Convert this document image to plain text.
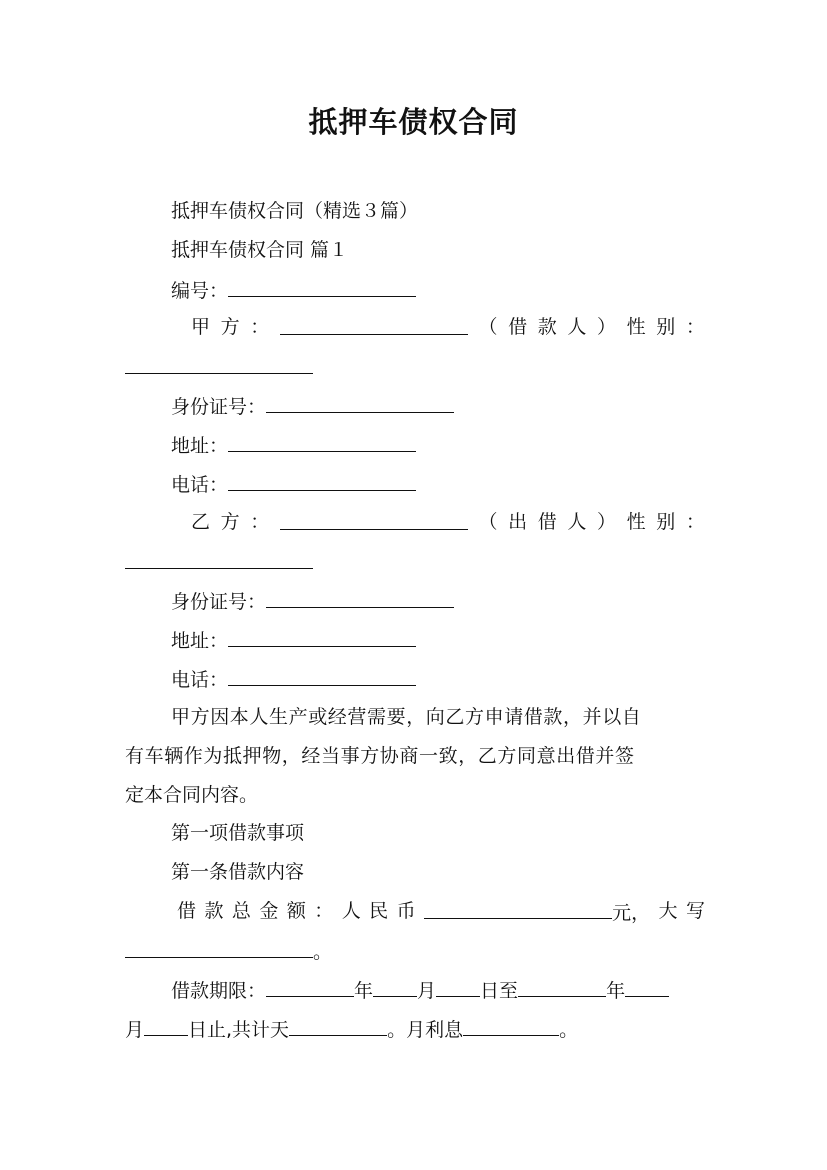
抵押车债权合同
抵押车债权合同（精选３篇）
抵押车债权合同 篇１
编号：
甲 方 ：	（ 借 款 人 ） 性 别 ：
身份证号：
地址：
电话：
乙 方 ：	（ 出 借 人 ） 性 别 ：
身份证号：
地址：
电话：
甲方因本人生产或经营需要，向乙方申请借款，并以自
有车辆作为抵押物，经当事方协商一致，乙方同意出借并签
定本合同内容。
第一项借款事项
第一条借款内容
借 款 总 金 额 ： 人 民 币	元， 大 写
。
借款期限：	年 月 日至	年
月 日止,共计天	。月利息	。
